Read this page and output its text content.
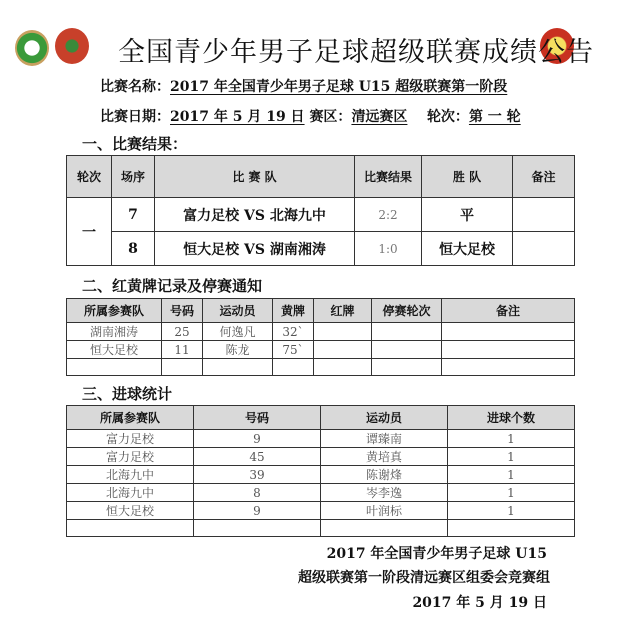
全国青少年男子足球超级联赛成绩公告
比赛名称：2017 年全国青少年男子足球 U15 超级联赛第一阶段
比赛日期：2017 年 5 月 19 日 赛区：清远赛区 轮次：第 一 轮
一、比赛结果：
轮次	场序	比 赛 队	比赛结果	胜 队	备注
一	7	富力足校 VS 北海九中	2:2	平	
	8	恒大足校 VS 湖南湘涛	1:0	恒大足校	
二、红黄牌记录及停赛通知
所属参赛队	号码	运动员	黄牌	红牌	停赛轮次	备注
湖南湘涛	25	何逸凡	32`			
恒大足校	11	陈龙	75`			

三、进球统计
所属参赛队	号码	运动员	进球个数
富力足校	9	谭臻南	1
富力足校	45	黄培真	1
北海九中	39	陈谢烽	1
北海九中	8	岑李逸	1
恒大足校	9	叶润标	1

2017 年全国青少年男子足球 U15
超级联赛第一阶段清远赛区组委会竞赛组
2017 年 5 月 19 日
